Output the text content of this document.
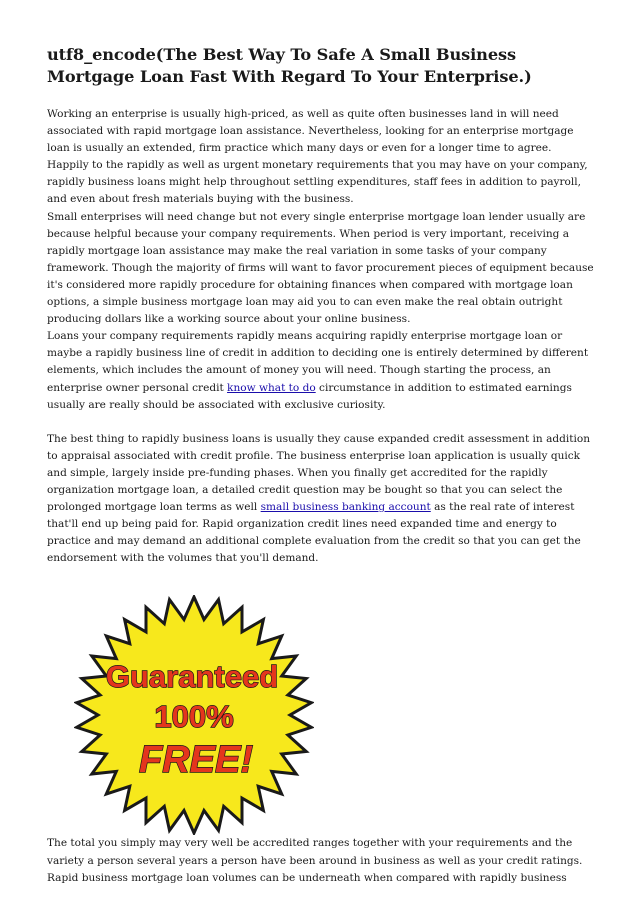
utf8_encode(The Best Way To Safe A Small Business Mortgage Loan Fast With Regard To Your Enterprise.)

Working an enterprise is usually high-priced, as well as quite often businesses land in will need associated with rapid mortgage loan assistance. Nevertheless, looking for an enterprise mortgage loan is usually an extended, firm practice which many days or even for a longer time to agree.

Happily to the rapidly as well as urgent monetary requirements that you may have on your company, rapidly business loans might help throughout settling expenditures, staff fees in addition to payroll, and even about fresh materials buying with the business.

Small enterprises will need change but not every single enterprise mortgage loan lender usually are because helpful because your company requirements. When period is very important, receiving a rapidly mortgage loan assistance may make the real variation in some tasks of your company framework. Though the majority of firms will want to favor procurement pieces of equipment because it's considered more rapidly procedure for obtaining finances when compared with mortgage loan options, a simple business mortgage loan may aid you to can even make the real obtain outright producing dollars like a working source about your online business.

Loans your company requirements rapidly means acquiring rapidly enterprise mortgage loan or maybe a rapidly business line of credit in addition to deciding one is entirely determined by different elements, which includes the amount of money you will need. Though starting the process, an enterprise owner personal credit know what to do circumstance in addition to estimated earnings usually are really should be associated with exclusive curiosity.

The best thing to rapidly business loans is usually they cause expanded credit assessment in addition to appraisal associated with credit profile. The business enterprise loan application is usually quick and simple, largely inside pre-funding phases. When you finally get accredited for the rapidly organization mortgage loan, a detailed credit question may be bought so that you can select the prolonged mortgage loan terms as well small business banking account as the real rate of interest that'll end up being paid for. Rapid organization credit lines need expanded time and energy to practice and may demand an additional complete evaluation from the credit so that you can get the endorsement with the volumes that you'll demand.

Guaranteed
100%
FREE!

The total you simply may very well be accredited ranges together with your requirements and the variety a person several years a person have been around in business as well as your credit ratings. Rapid business mortgage loan volumes can be underneath when compared with rapidly business
